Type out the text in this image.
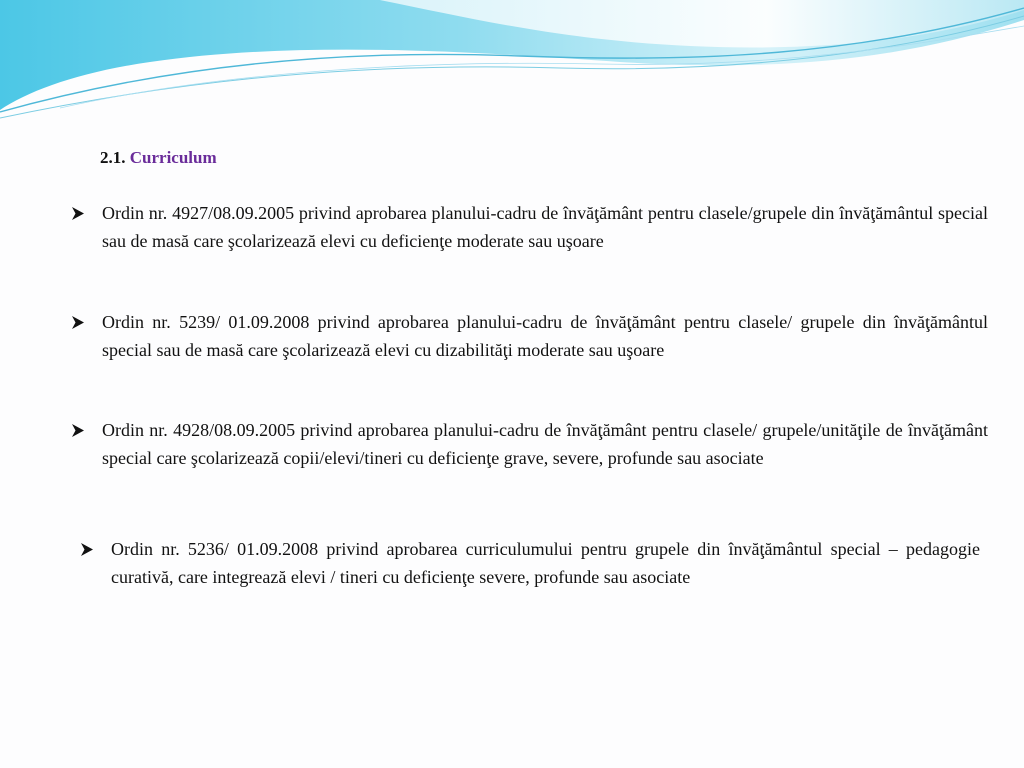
2.1. Curriculum
Ordin nr. 4927/08.09.2005 privind aprobarea planului-cadru de învăţământ pentru clasele/grupele din învăţământul special sau de masă care şcolarizează elevi cu deficienţe moderate sau uşoare
Ordin nr. 5239/ 01.09.2008 privind aprobarea planului-cadru de învăţământ pentru clasele/ grupele din învăţământul special sau de masă care şcolarizează elevi cu dizabilităţi moderate sau uşoare
Ordin nr. 4928/08.09.2005 privind aprobarea planului-cadru de învăţământ pentru clasele/ grupele/unităţile de învăţământ special care şcolarizează copii/elevi/tineri cu deficienţe grave, severe, profunde sau asociate
Ordin nr. 5236/ 01.09.2008 privind aprobarea curriculumului pentru grupele din învăţământul special – pedagogie curativă, care integrează elevi / tineri cu deficienţe severe, profunde sau asociate
